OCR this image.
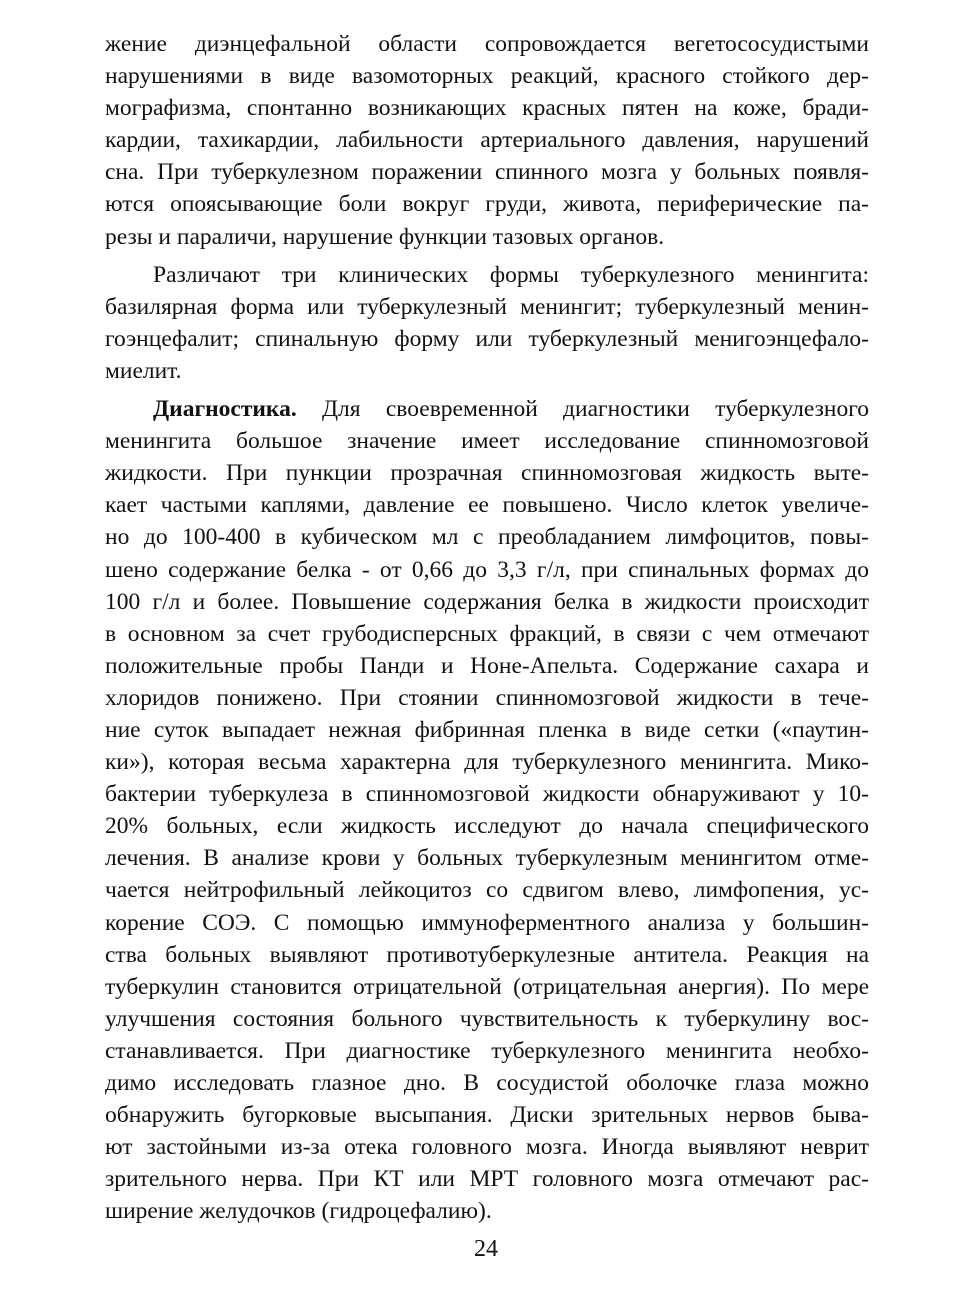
жение диэнцефальной области сопровождается вегетососудистыми
нарушениями в виде вазомоторных реакций, красного стойкого дер-
мографизма, спонтанно возникающих красных пятен на коже, бради-
кардии, тахикардии, лабильности артериального давления, нарушений
сна. При туберкулезном поражении спинного мозга у больных появля-
ются опоясывающие боли вокруг груди, живота, периферические па-
резы и параличи, нарушение функции тазовых органов.
Различают три клинических формы туберкулезного менингита:
базилярная форма или туберкулезный менингит; туберкулезный менин-
гоэнцефалит; спинальную форму или туберкулезный менигоэнцефало-
миелит.
Диагностика. Для своевременной диагностики туберкулезного
менингита большое значение имеет исследование спинномозговой
жидкости. При пункции прозрачная спинномозговая жидкость выте-
кает частыми каплями, давление ее повышено. Число клеток увеличе-
но до 100-400 в кубическом мл с преобладанием лимфоцитов, повы-
шено содержание белка - от 0,66 до 3,3 г/л, при спинальных формах до
100 г/л и более. Повышение содержания белка в жидкости происходит
в основном за счет грубодисперсных фракций, в связи с чем отмечают
положительные пробы Панди и Ноне-Апельта. Содержание сахара и
хлоридов понижено. При стоянии спинномозговой жидкости в тече-
ние суток выпадает нежная фибринная пленка в виде сетки («паутин-
ки»), которая весьма характерна для туберкулезного менингита. Мико-
бактерии туберкулеза в спинномозговой жидкости обнаруживают у 10-
20% больных, если жидкость исследуют до начала специфического
лечения. В анализе крови у больных туберкулезным менингитом отме-
чается нейтрофильный лейкоцитоз со сдвигом влево, лимфопения, ус-
корение СОЭ. С помощью иммуноферментного анализа у большин-
ства больных выявляют противотуберкулезные антитела. Реакция на
туберкулин становится отрицательной (отрицательная анергия). По мере
улучшения состояния больного чувствительность к туберкулину вос-
станавливается. При диагностике туберкулезного менингита необхо-
димо исследовать глазное дно. В сосудистой оболочке глаза можно
обнаружить бугорковые высыпания. Диски зрительных нервов быва-
ют застойными из-за отека головного мозга. Иногда выявляют неврит
зрительного нерва. При КТ или МРТ головного мозга отмечают рас-
ширение желудочков (гидроцефалию).
24
